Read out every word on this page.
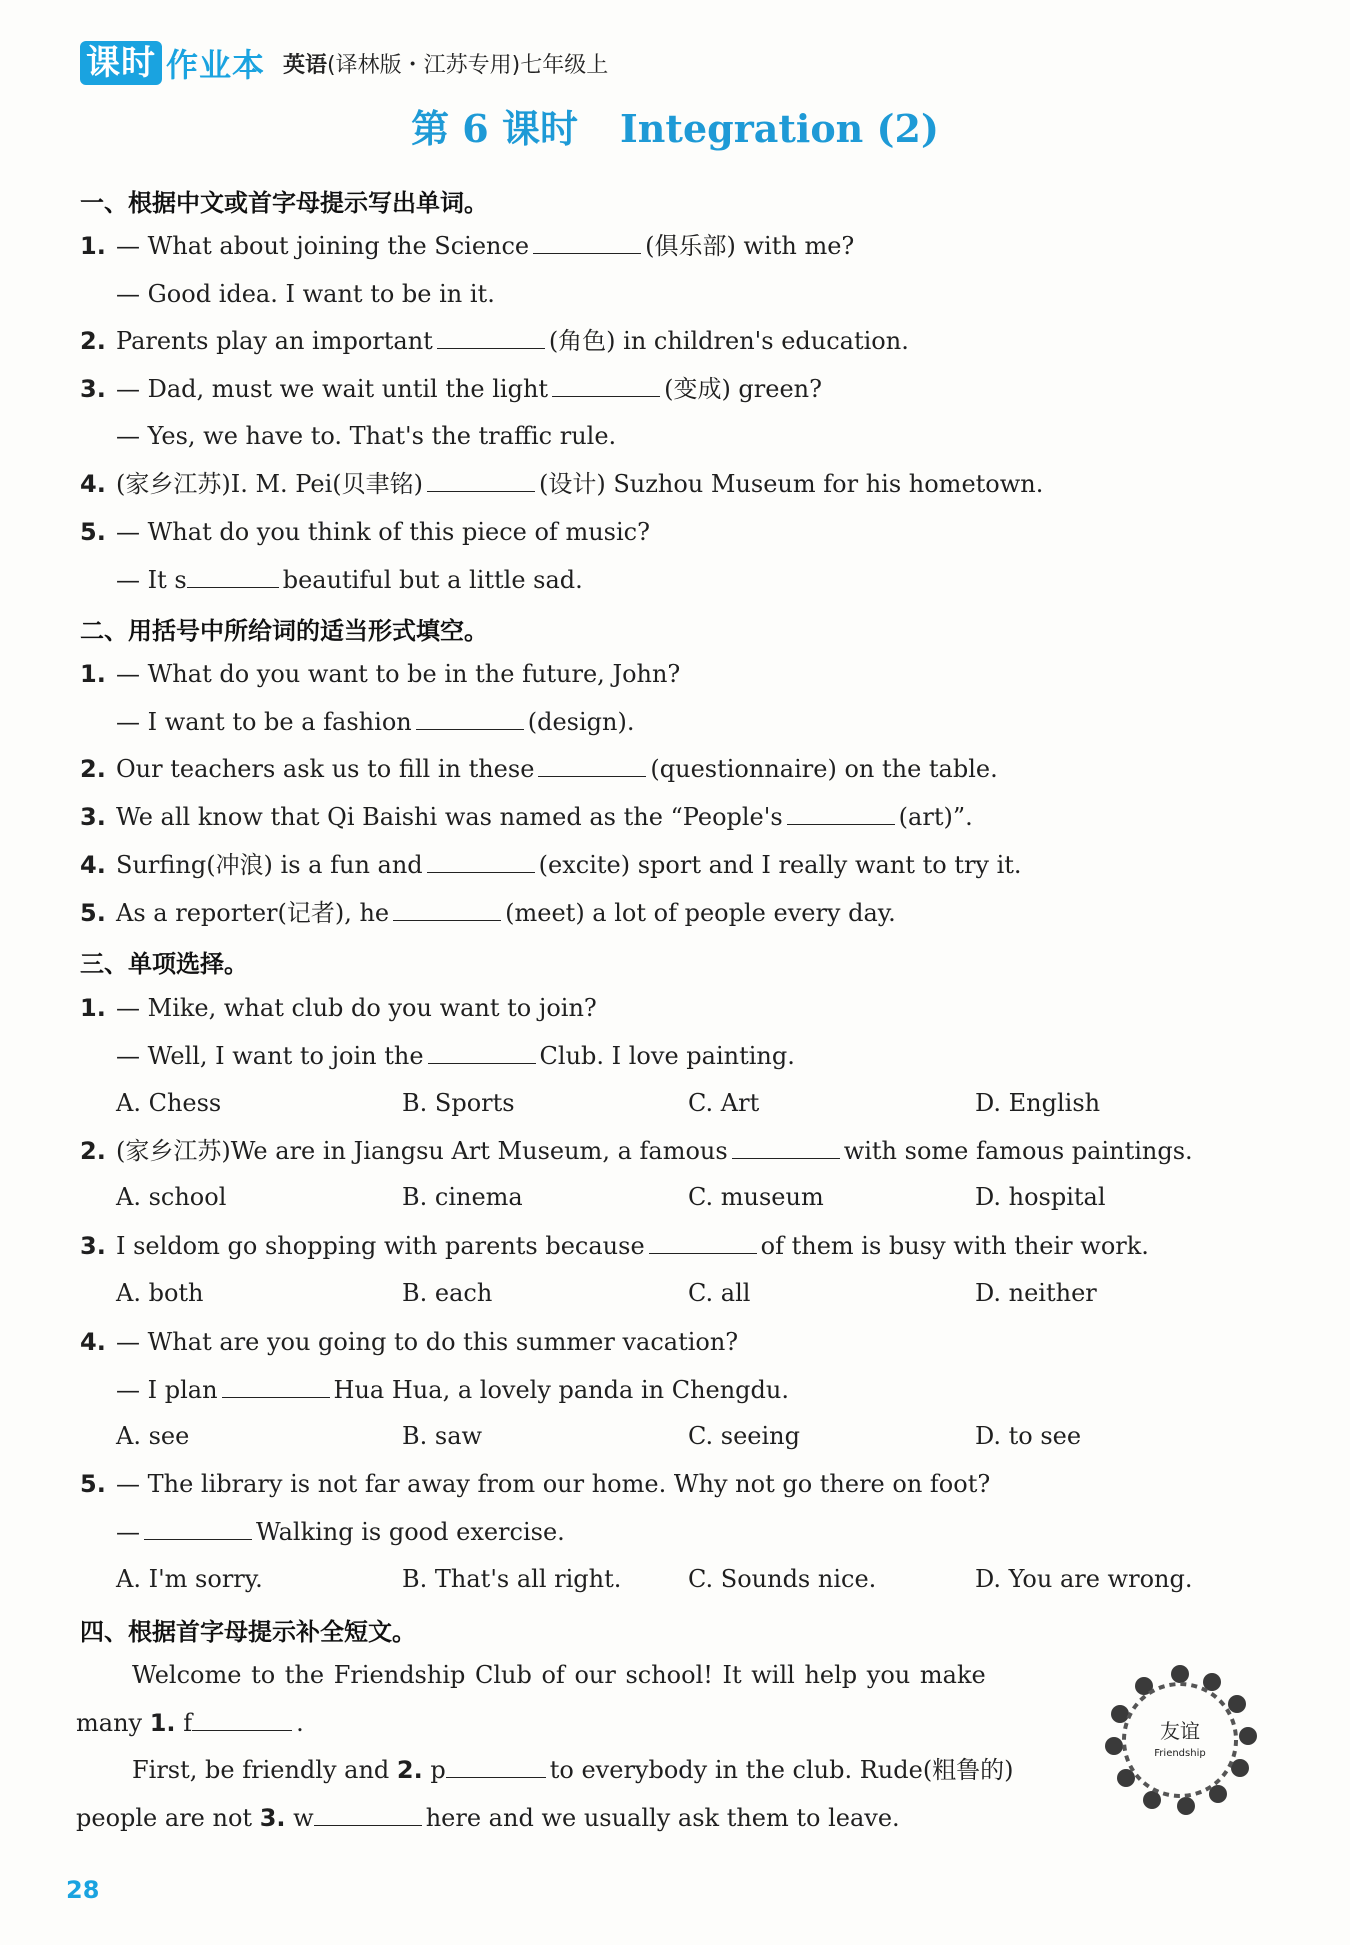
课时 作业本 英语(译林版・江苏专用)七年级上
第 6 课时 Integration (2)
一、根据中文或首字母提示写出单词。
1. — What about joining the Science	(俱乐部) with me?
— Good idea. I want to be in it.
2. Parents play an important	(角色) in children's education.
3. — Dad, must we wait until the light	(变成) green?
— Yes, we have to. That's the traffic rule.
4. (家乡江苏)I. M. Pei(贝聿铭)	(设计) Suzhou Museum for his hometown.
5. — What do you think of this piece of music?
— It s	beautiful but a little sad.
二、用括号中所给词的适当形式填空。
1. — What do you want to be in the future, John?
— I want to be a fashion	(design).
2. Our teachers ask us to fill in these	(questionnaire) on the table.
3. We all know that Qi Baishi was named as the “People's	(art)”.
4. Surfing(冲浪) is a fun and	(excite) sport and I really want to try it.
5. As a reporter(记者), he	(meet) a lot of people every day.
三、单项选择。
1. — Mike, what club do you want to join?
— Well, I want to join the	Club. I love painting.
A. Chess	B. Sports	C. Art	D. English
2. (家乡江苏)We are in Jiangsu Art Museum, a famous	with some famous paintings.
A. school	B. cinema	C. museum	D. hospital
3. I seldom go shopping with parents because	of them is busy with their work.
A. both	B. each	C. all	D. neither
4. — What are you going to do this summer vacation?
— I plan	Hua Hua, a lovely panda in Chengdu.
A. see	B. saw	C. seeing	D. to see
5. — The library is not far away from our home. Why not go there on foot?
—	Walking is good exercise.
A. I'm sorry.	B. That's all right.	C. Sounds nice.	D. You are wrong.
四、根据首字母提示补全短文。
Welcome to the Friendship Club of our school! It will help you make
many 1. f	.
First, be friendly and 2. p	to everybody in the club. Rude(粗鲁的)
people are not 3. w	here and we usually ask them to leave.
友谊
Friendship
28
